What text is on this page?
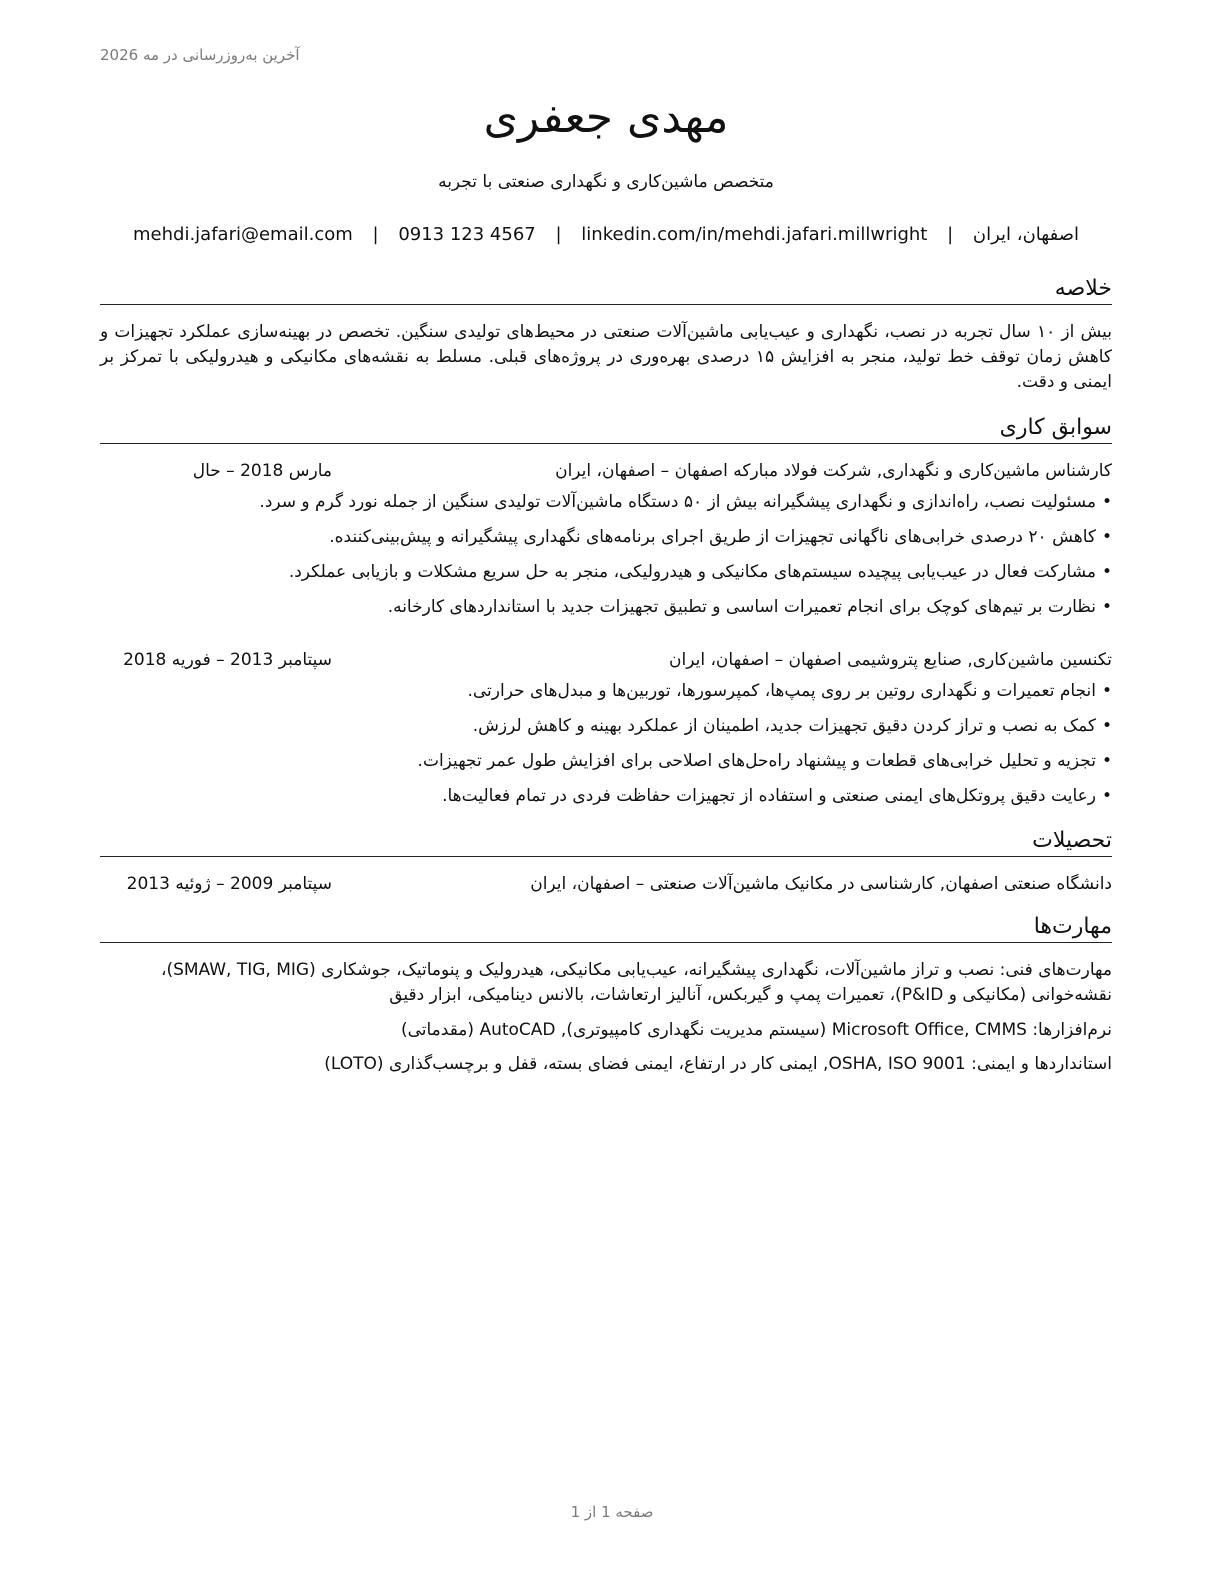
آخرین به‌روزرسانی در مه 2026
مهدی جعفری
متخصص ماشین‌کاری و نگهداری صنعتی با تجربه
اصفهان، ایران | mehdi.jafari@email.com | 0913 123 4567 | linkedin.com/in/mehdi.jafari.millwright
خلاصه
بیش از ۱۰ سال تجربه در نصب، نگهداری و عیب‌یابی ماشین‌آلات صنعتی در محیط‌های تولیدی سنگین. تخصص در بهینه‌سازی عملکرد تجهیزات و کاهش زمان توقف خط تولید، منجر به افزایش ۱۵ درصدی بهره‌وری در پروژه‌های قبلی. مسلط به نقشه‌های مکانیکی و هیدرولیکی با تمرکز بر ایمنی و دقت.
سوابق کاری
کارشناس ماشین‌کاری و نگهداری, شرکت فولاد مبارکه اصفهان – اصفهان، ایران
مارس 2018 – حال
•
مسئولیت نصب، راه‌اندازی و نگهداری پیشگیرانه بیش از ۵۰ دستگاه ماشین‌آلات تولیدی سنگین از جمله نورد گرم و سرد.
•
کاهش ۲۰ درصدی خرابی‌های ناگهانی تجهیزات از طریق اجرای برنامه‌های نگهداری پیشگیرانه و پیش‌بینی‌کننده.
•
مشارکت فعال در عیب‌یابی پیچیده سیستم‌های مکانیکی و هیدرولیکی، منجر به حل سریع مشکلات و بازیابی عملکرد.
•
نظارت بر تیم‌های کوچک برای انجام تعمیرات اساسی و تطبیق تجهیزات جدید با استانداردهای کارخانه.
تکنسین ماشین‌کاری, صنایع پتروشیمی اصفهان – اصفهان، ایران
سپتامبر 2013 – فوریه 2018
•
انجام تعمیرات و نگهداری روتین بر روی پمپ‌ها، کمپرسورها، توربین‌ها و مبدل‌های حرارتی.
•
کمک به نصب و تراز کردن دقیق تجهیزات جدید، اطمینان از عملکرد بهینه و کاهش لرزش.
•
تجزیه و تحلیل خرابی‌های قطعات و پیشنهاد راه‌حل‌های اصلاحی برای افزایش طول عمر تجهیزات.
•
رعایت دقیق پروتکل‌های ایمنی صنعتی و استفاده از تجهیزات حفاظت فردی در تمام فعالیت‌ها.
تحصیلات
دانشگاه صنعتی اصفهان, کارشناسی در مکانیک ماشین‌آلات صنعتی – اصفهان، ایران
سپتامبر 2009 – ژوئیه 2013
مهارت‌ها
مهارت‌های فنی: نصب و تراز ماشین‌آلات، نگهداری پیشگیرانه، عیب‌یابی مکانیکی، هیدرولیک و پنوماتیک، جوشکاری (SMAW, TIG, MIG)، نقشه‌خوانی (مکانیکی و P&ID)، تعمیرات پمپ و گیربکس، آنالیز ارتعاشات، بالانس دینامیکی، ابزار دقیق
نرم‌افزارها: Microsoft Office, CMMS (سیستم مدیریت نگهداری کامپیوتری), AutoCAD (مقدماتی)
استانداردها و ایمنی: OSHA, ISO 9001, ایمنی کار در ارتفاع، ایمنی فضای بسته، قفل و برچسب‌گذاری (LOTO)
صفحه 1 از 1
